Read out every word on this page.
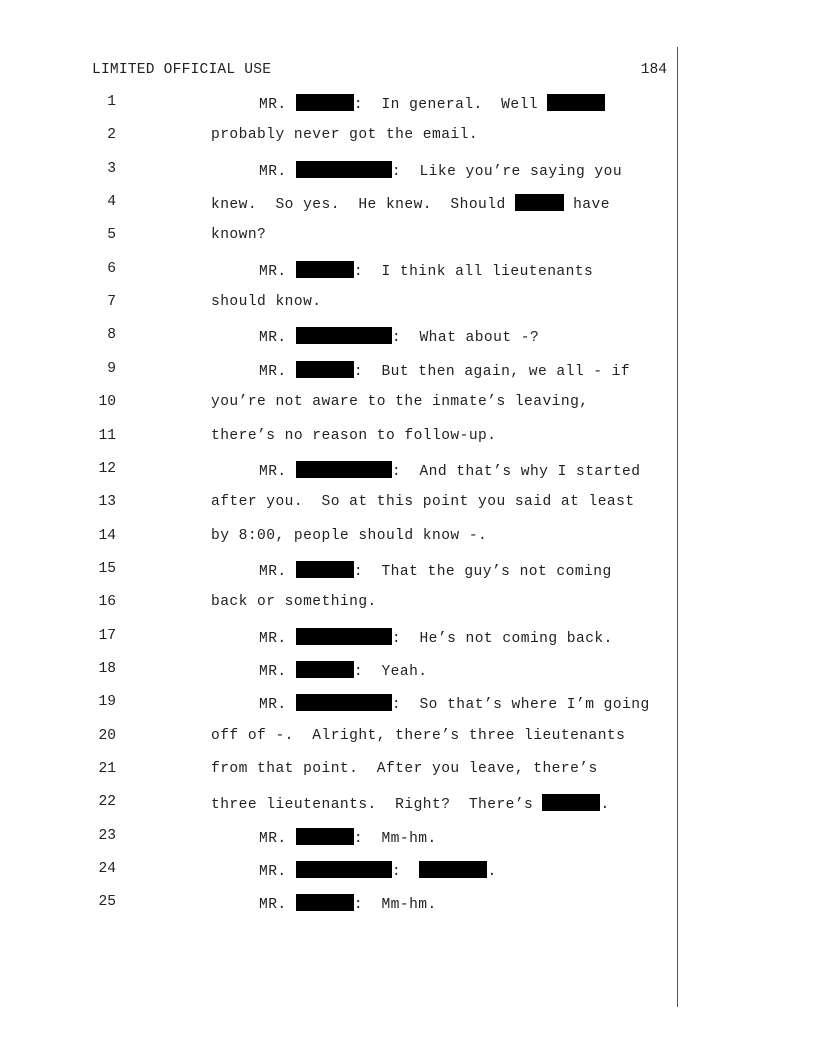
LIMITED OFFICIAL USE	184
1	MR.	:  In general.  Well
2	probably never got the email.
3	MR.	:  Like you’re saying you
4	knew.  So yes.  He knew.  Should	have
5	known?
6	MR.	:  I think all lieutenants
7	should know.
8	MR.	:  What about -?
9	MR.	:  But then again, we all - if
10	you’re not aware to the inmate’s leaving,
11	there’s no reason to follow-up.
12	MR.	:  And that’s why I started
13	after you.  So at this point you said at least
14	by 8:00, people should know -.
15	MR.	:  That the guy’s not coming
16	back or something.
17	MR.	:  He’s not coming back.
18	MR.	:  Yeah.
19	MR.	:  So that’s where I’m going
20	off of -.  Alright, there’s three lieutenants
21	from that point.  After you leave, there’s
22	three lieutenants.  Right?  There’s	.
23	MR.	:  Mm-hm.
24	MR.	:	.
25	MR.	:  Mm-hm.
